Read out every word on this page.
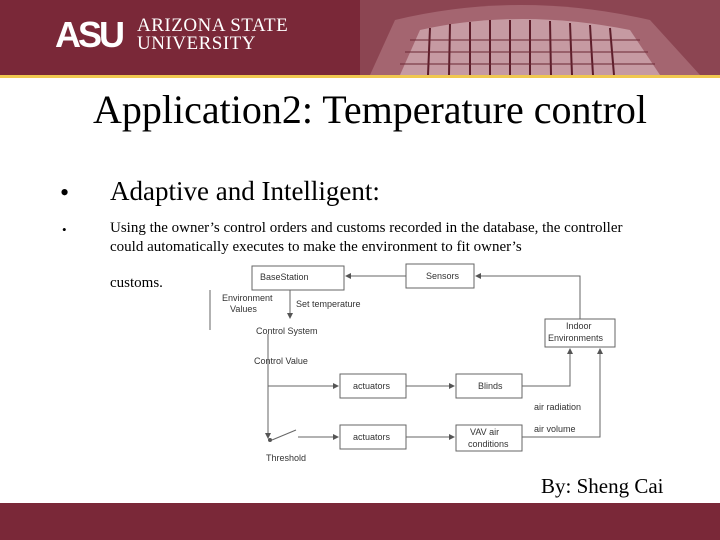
ASU ARIZONA STATE
UNIVERSITY
Application2: Temperature control
• Adaptive and Intelligent:
•	Using the owner’s control orders and customs recorded in the database, the controller could automatically executes to make the environment to fit owner’s
customs.	BaseStation	Sensors
Environment
Values	Set temperature
Control System	Indoor
Environments
Control Value
actuators	Blinds
air radiation
actuators	VAV air
conditions
air volume
Threshold
By: Sheng Cai
